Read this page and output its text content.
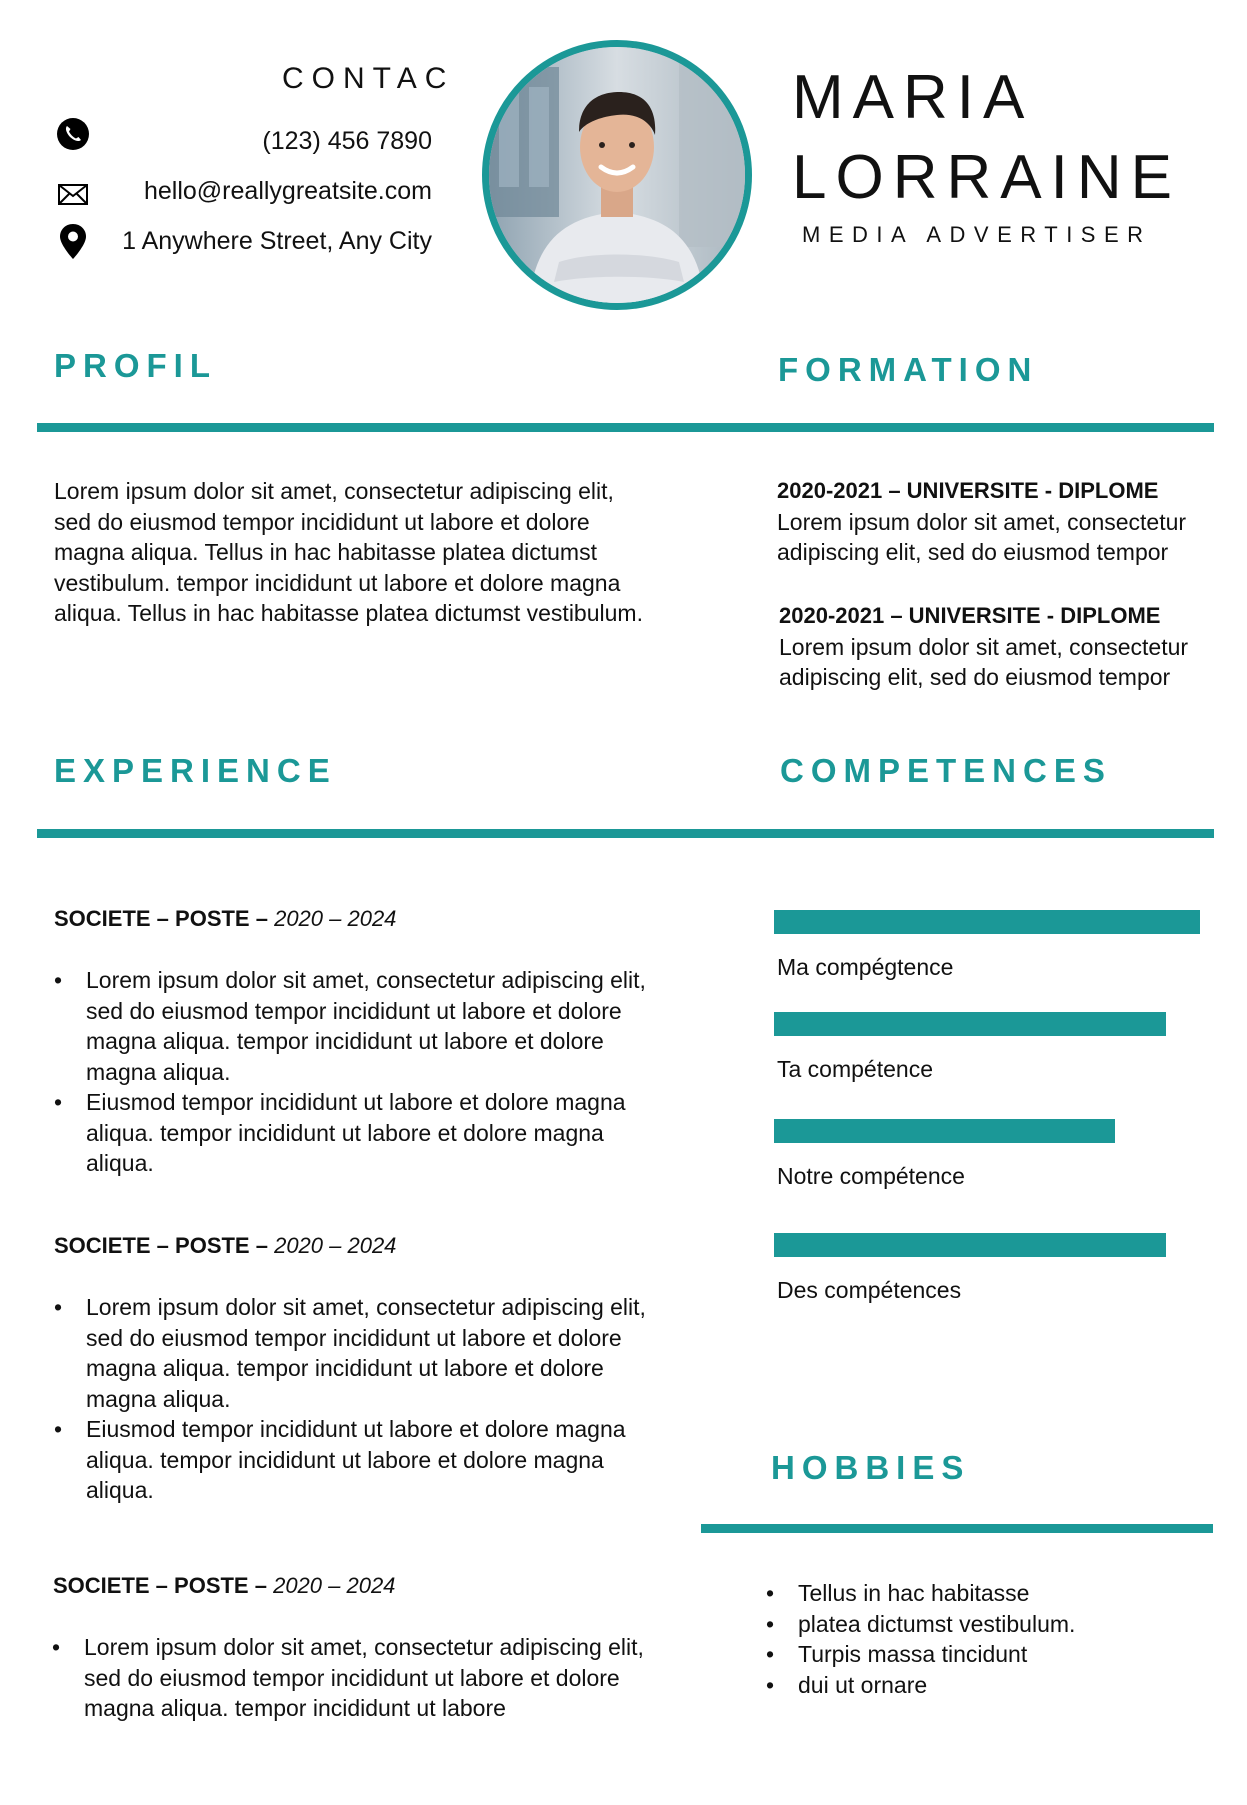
CONTAC
(123) 456 7890
hello@reallygreatsite.com
1 Anywhere Street, Any City
MARIA
LORRAINE
MEDIA ADVERTISER
PROFIL	FORMATION
Lorem ipsum dolor sit amet, consectetur adipiscing elit, sed do eiusmod tempor incididunt ut labore et dolore magna aliqua. Tellus in hac habitasse platea dictumst vestibulum. tempor incididunt ut labore et dolore magna aliqua. Tellus in hac habitasse platea dictumst vestibulum.
2020-2021 – UNIVERSITE - DIPLOME
Lorem ipsum dolor sit amet, consectetur adipiscing elit, sed do eiusmod tempor
2020-2021 – UNIVERSITE - DIPLOME
Lorem ipsum dolor sit amet, consectetur adipiscing elit, sed do eiusmod tempor
EXPERIENCE	COMPETENCES
SOCIETE – POSTE – 2020 – 2024
• Lorem ipsum dolor sit amet, consectetur adipiscing elit, sed do eiusmod tempor incididunt ut labore et dolore magna aliqua. tempor incididunt ut labore et dolore magna aliqua.
• Eiusmod tempor incididunt ut labore et dolore magna aliqua. tempor incididunt ut labore et dolore magna aliqua.
SOCIETE – POSTE – 2020 – 2024
• Lorem ipsum dolor sit amet, consectetur adipiscing elit, sed do eiusmod tempor incididunt ut labore et dolore magna aliqua. tempor incididunt ut labore et dolore magna aliqua.
• Eiusmod tempor incididunt ut labore et dolore magna aliqua. tempor incididunt ut labore et dolore magna aliqua.
SOCIETE – POSTE – 2020 – 2024
• Lorem ipsum dolor sit amet, consectetur adipiscing elit, sed do eiusmod tempor incididunt ut labore et dolore magna aliqua. tempor incididunt ut labore
Ma compégtence
Ta compétence
Notre compétence
Des compétences
HOBBIES
• Tellus in hac habitasse
• platea dictumst vestibulum.
• Turpis massa tincidunt
• dui ut ornare
